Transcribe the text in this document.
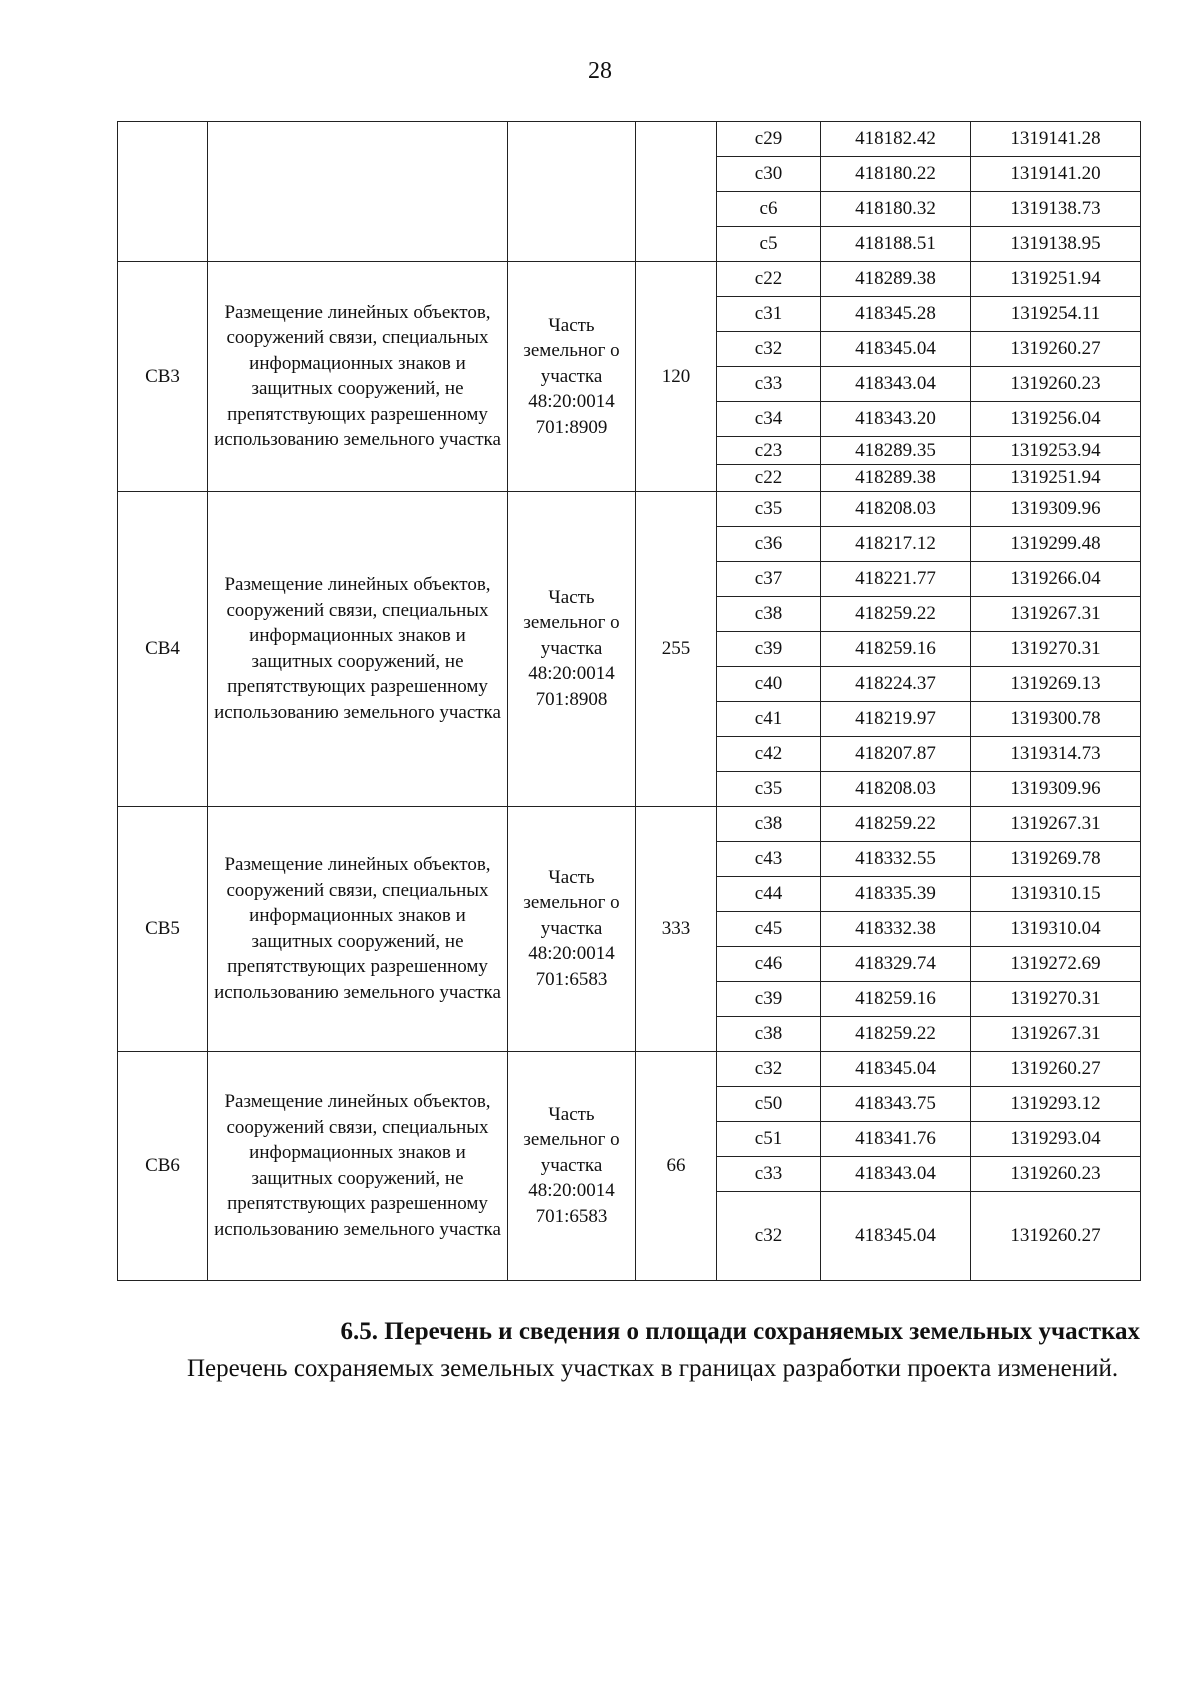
28
				с29	418182.42	1319141.28
				с30	418180.22	1319141.20
				с6	418180.32	1319138.73
				с5	418188.51	1319138.95
СВ3	Размещение линейных объектов, сооружений связи, специальных информационных знаков и защитных сооружений, не препятствующих разрешенному использованию земельного участка	Часть земельног о участка 48:20:0014 701:8909	120	с22	418289.38	1319251.94
				с31	418345.28	1319254.11
				с32	418345.04	1319260.27
				с33	418343.04	1319260.23
				с34	418343.20	1319256.04
				с23	418289.35	1319253.94
				с22	418289.38	1319251.94
СВ4	Размещение линейных объектов, сооружений связи, специальных информационных знаков и защитных сооружений, не препятствующих разрешенному использованию земельного участка	Часть земельног о участка 48:20:0014 701:8908	255	с35	418208.03	1319309.96
				с36	418217.12	1319299.48
				с37	418221.77	1319266.04
				с38	418259.22	1319267.31
				с39	418259.16	1319270.31
				с40	418224.37	1319269.13
				с41	418219.97	1319300.78
				с42	418207.87	1319314.73
				с35	418208.03	1319309.96
СВ5	Размещение линейных объектов, сооружений связи, специальных информационных знаков и защитных сооружений, не препятствующих разрешенному использованию земельного участка	Часть земельног о участка 48:20:0014 701:6583	333	с38	418259.22	1319267.31
				с43	418332.55	1319269.78
				с44	418335.39	1319310.15
				с45	418332.38	1319310.04
				с46	418329.74	1319272.69
				с39	418259.16	1319270.31
				с38	418259.22	1319267.31
СВ6	Размещение линейных объектов, сооружений связи, специальных информационных знаков и защитных сооружений, не препятствующих разрешенному использованию земельного участка	Часть земельног о участка 48:20:0014 701:6583	66	с32	418345.04	1319260.27
				с50	418343.75	1319293.12
				с51	418341.76	1319293.04
				с33	418343.04	1319260.23
				с32	418345.04	1319260.27
6.5. Перечень и сведения о площади сохраняемых земельных участках
Перечень сохраняемых земельных участках в границах разработки проекта изменений.
